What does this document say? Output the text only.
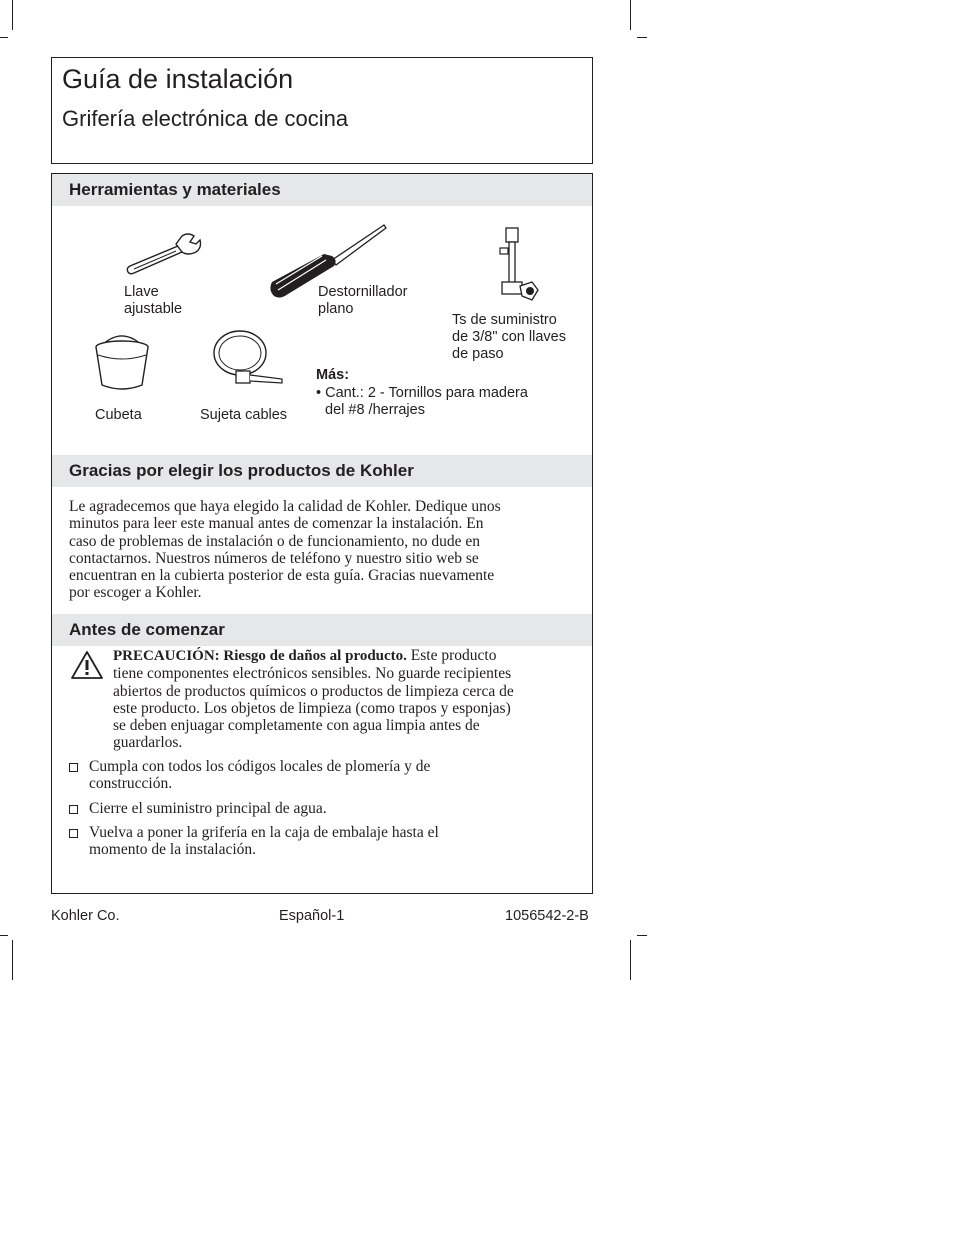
Guía de instalación
Grifería electrónica de cocina
Herramientas y materiales
Llave
ajustable
Destornillador
plano
Ts de suministro
de 3/8" con llaves
de paso
Cubeta	Sujeta cables
Más:
• Cant.: 2 - Tornillos para madera
del #8 /herrajes
Gracias por elegir los productos de Kohler
Le agradecemos que haya elegido la calidad de Kohler. Dedique unos
minutos para leer este manual antes de comenzar la instalación. En
caso de problemas de instalación o de funcionamiento, no dude en
contactarnos. Nuestros números de teléfono y nuestro sitio web se
encuentran en la cubierta posterior de esta guía. Gracias nuevamente
por escoger a Kohler.
Antes de comenzar
PRECAUCIÓN: Riesgo de daños al producto. Este producto
tiene componentes electrónicos sensibles. No guarde recipientes
abiertos de productos químicos o productos de limpieza cerca de
este producto. Los objetos de limpieza (como trapos y esponjas)
se deben enjuagar completamente con agua limpia antes de
guardarlos.
Cumpla con todos los códigos locales de plomería y de
construcción.
Cierre el suministro principal de agua.
Vuelva a poner la grifería en la caja de embalaje hasta el
momento de la instalación.
Kohler Co.	Español-1	1056542-2-B
